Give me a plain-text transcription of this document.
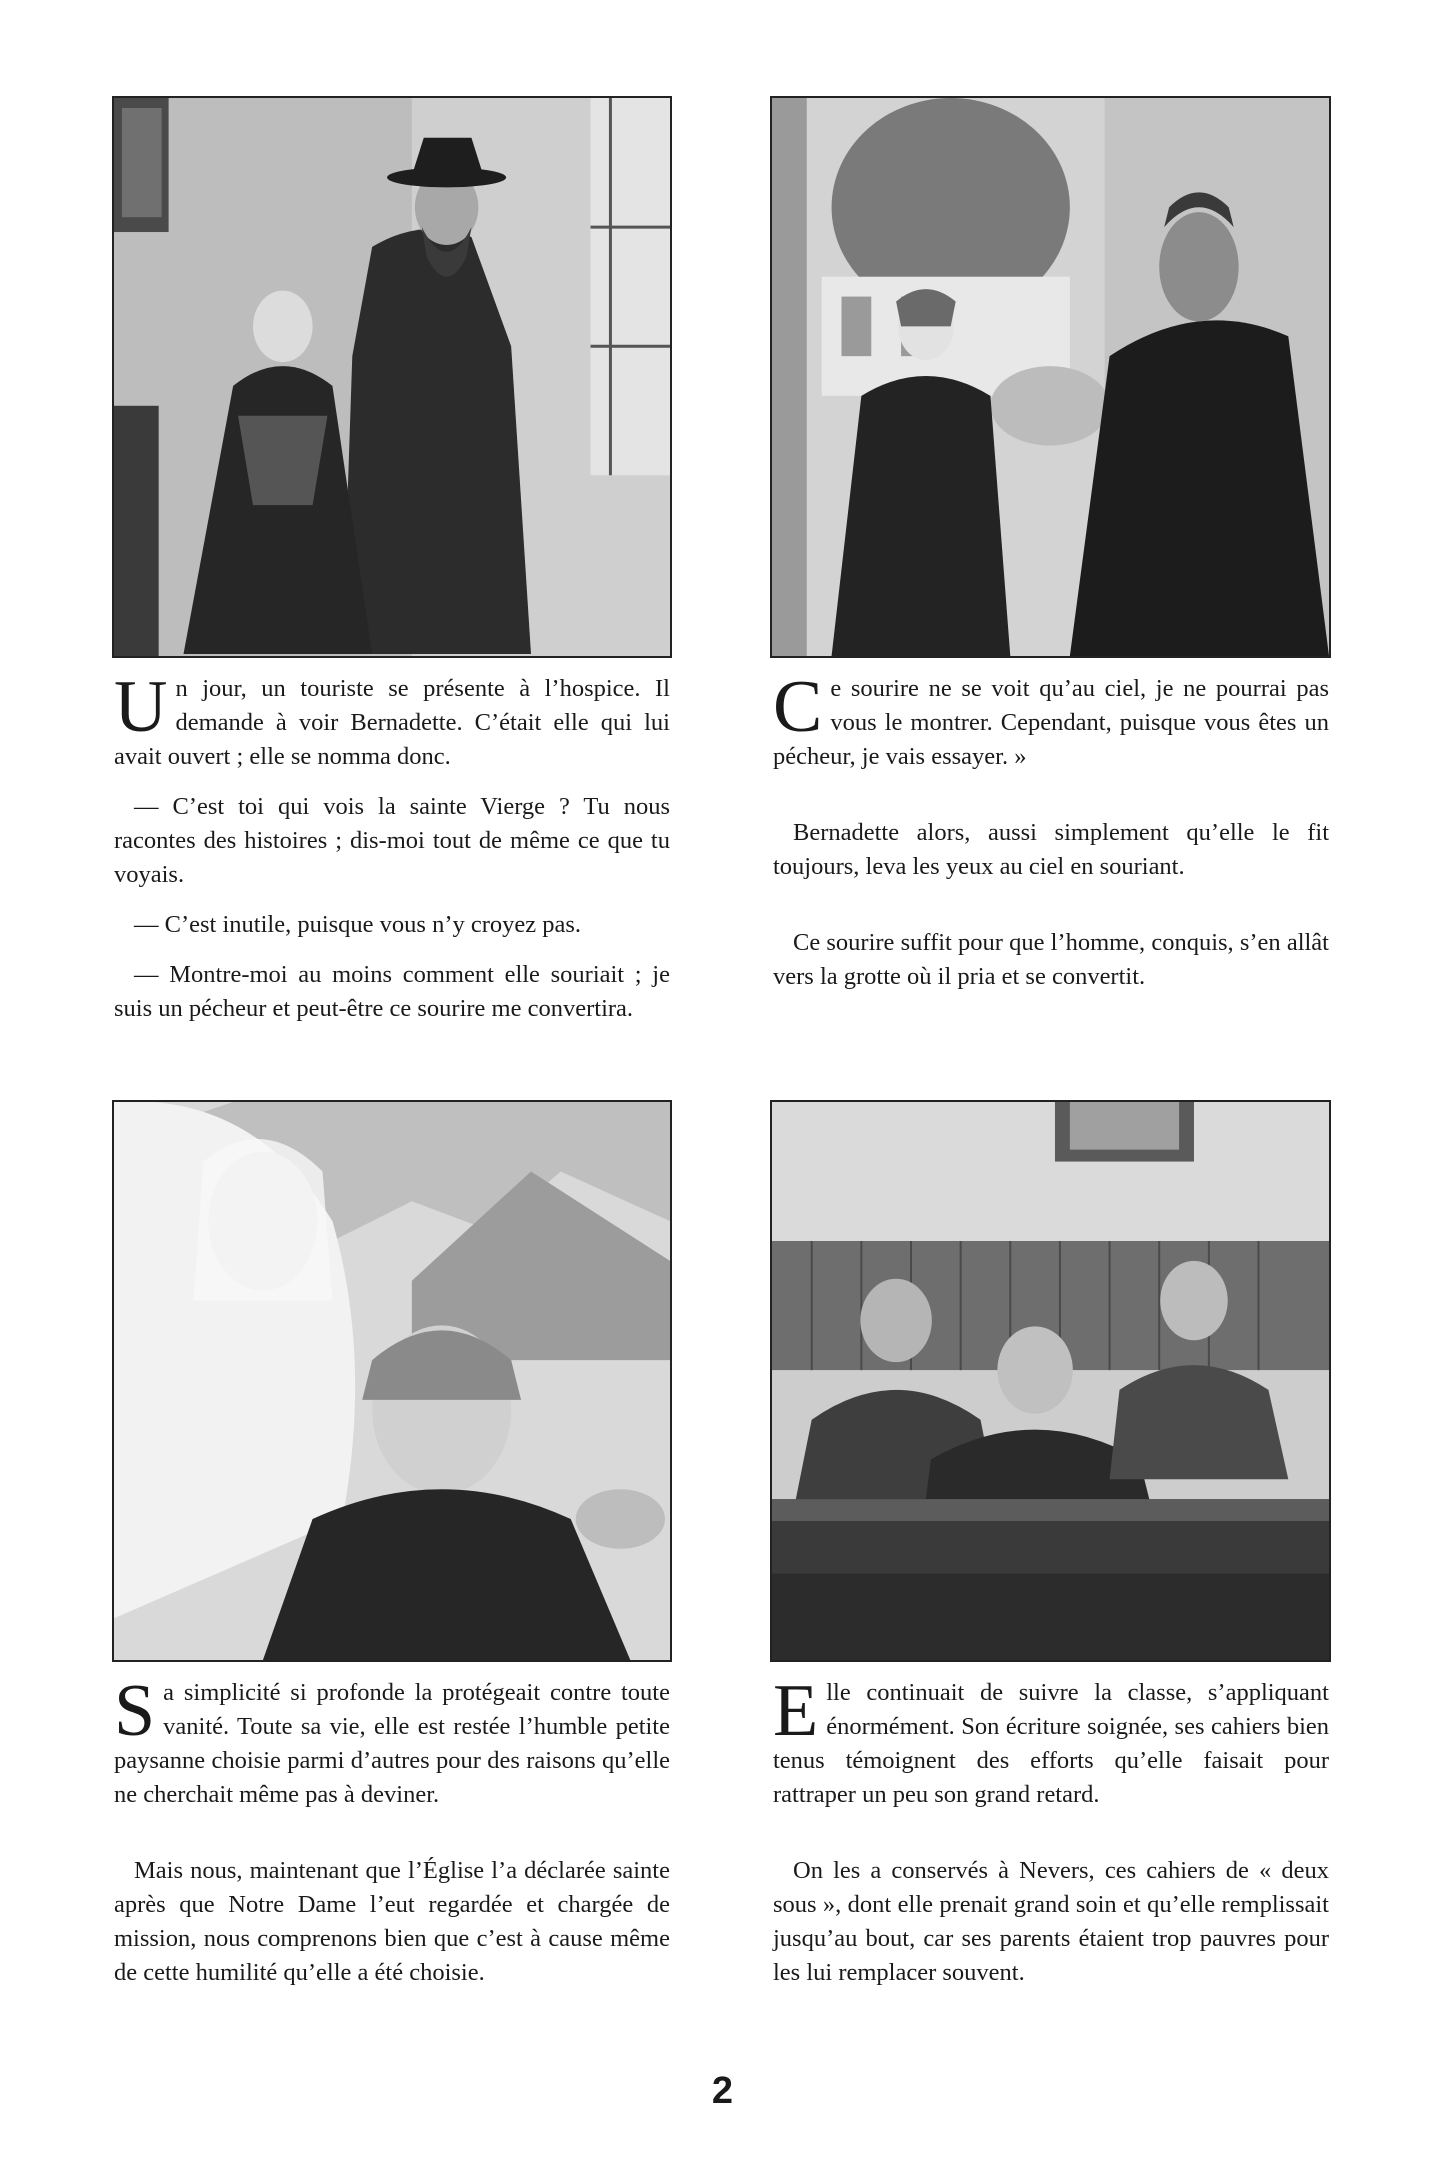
Un jour, un touriste se présente à l’hospice. Il demande à voir Bernadette. C’était elle qui lui avait ouvert ; elle se nomma donc.

— C’est toi qui vois la sainte Vierge ? Tu nous racontes des histoires ; dis-moi tout de même ce que tu voyais.

— C’est inutile, puisque vous n’y croyez pas.

— Montre-moi au moins comment elle souriait ; je suis un pécheur et peut-être ce sourire me convertira.

Ce sourire ne se voit qu’au ciel, je ne pourrai pas vous le montrer. Cependant, puisque vous êtes un pécheur, je vais essayer. »

Bernadette alors, aussi simplement qu’elle le fit toujours, leva les yeux au ciel en souriant.

Ce sourire suffit pour que l’homme, conquis, s’en allât vers la grotte où il pria et se convertit.

Sa simplicité si profonde la protégeait contre toute vanité. Toute sa vie, elle est restée l’humble petite paysanne choisie parmi d’autres pour des raisons qu’elle ne cherchait même pas à deviner.

Mais nous, maintenant que l’Église l’a déclarée sainte après que Notre Dame l’eut regardée et chargée de mission, nous comprenons bien que c’est à cause même de cette humilité qu’elle a été choisie.

Elle continuait de suivre la classe, s’appliquant énormément. Son écriture soignée, ses cahiers bien tenus témoignent des efforts qu’elle faisait pour rattraper un peu son grand retard.

On les a conservés à Nevers, ces cahiers de « deux sous », dont elle prenait grand soin et qu’elle remplissait jusqu’au bout, car ses parents étaient trop pauvres pour les lui remplacer souvent.

2
